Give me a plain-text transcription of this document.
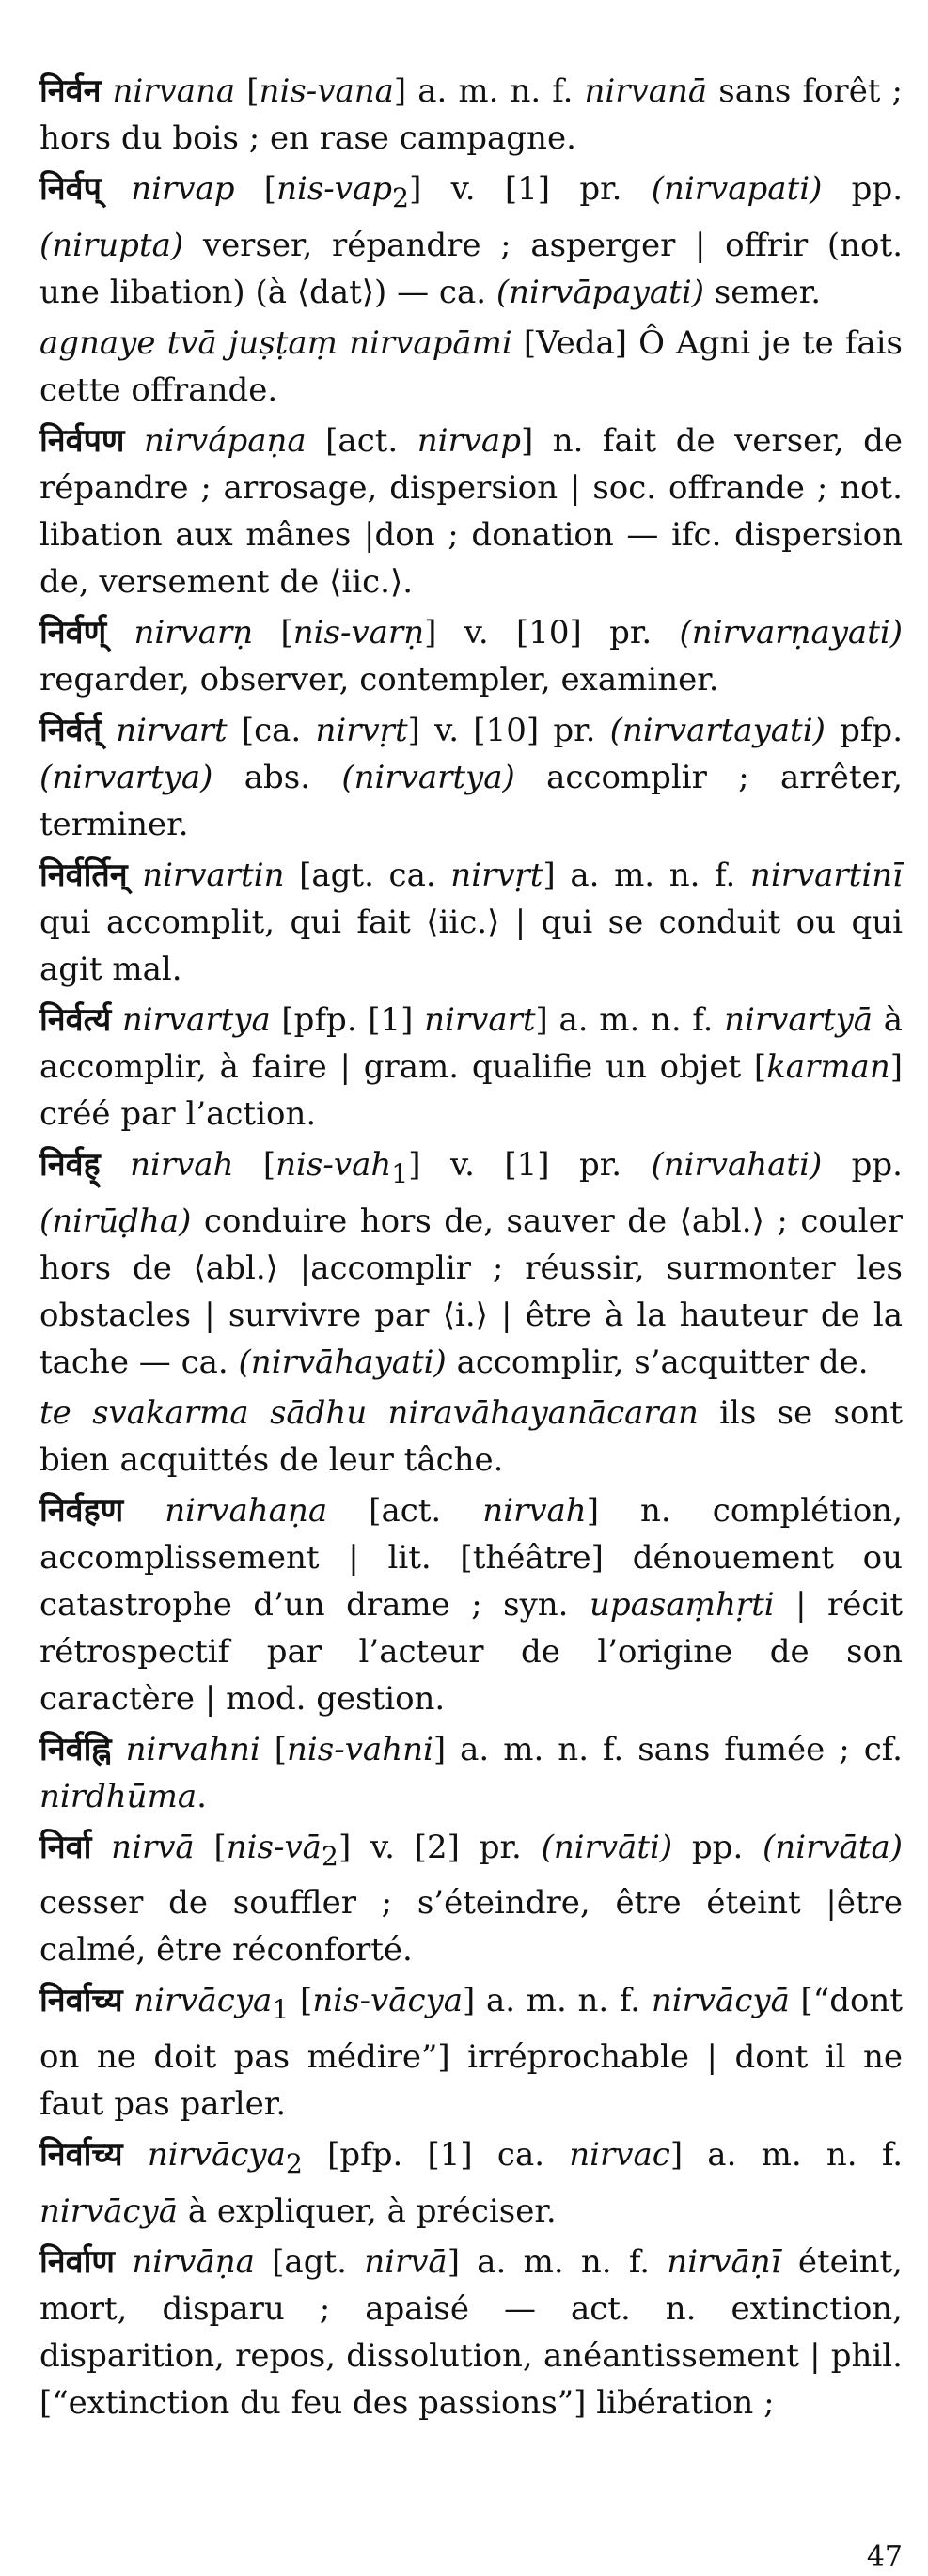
निर्वन nirvana [nis-vana] a. m. n. f. nirvanā sans forêt ; hors du bois ; en rase campagne.

निर्वप् nirvap [nis-vap$_2$] v. [1] pr. (nirvapati) pp. (nirupta) verser, répandre ; asperger | offrir (not. une libation) (à ⟨dat⟩) — ca. (nirvāpayati) semer.

agnaye tvā juṣṭaṃ nirvapāmi [Veda] Ô Agni je te fais cette offrande.

निर्वपण nirvápaṇa [act. nirvap] n. fait de verser, de répandre ; arrosage, dispersion | soc. offrande ; not. libation aux mânes |don ; donation — ifc. dispersion de, versement de ⟨iic.⟩.

निर्वर्ण् nirvarṇ [nis-varṇ] v. [10] pr. (nirvarṇayati) regarder, observer, contempler, examiner.

निर्वर्त् nirvart [ca. nirvṛt] v. [10] pr. (nirvartayati) pfp. (nirvartya) abs. (nirvartya) accomplir ; arrêter, terminer.

निर्वर्तिन् nirvartin [agt. ca. nirvṛt] a. m. n. f. nirvartinī qui accomplit, qui fait ⟨iic.⟩ | qui se conduit ou qui agit mal.

निर्वर्त्य nirvartya [pfp. [1] nirvart] a. m. n. f. nirvartyā à accomplir, à faire | gram. qualifie un objet [karman] créé par l’action.

निर्वह् nirvah [nis-vah$_1$] v. [1] pr. (nirvahati) pp. (nirūḍha) conduire hors de, sauver de ⟨abl.⟩ ; couler hors de ⟨abl.⟩ |accomplir ; réussir, surmonter les obstacles | survivre par ⟨i.⟩ | être à la hauteur de la tache — ca. (nirvāhayati) accomplir, s’acquitter de.

te svakarma sādhu niravāhayanācaran ils se sont bien acquittés de leur tâche.

निर्वहण nirvahaṇa [act. nirvah] n. complétion, accomplissement | lit. [théâtre] dénouement ou catastrophe d’un drame ; syn. upasaṃhṛti | récit rétrospectif par l’acteur de l’origine de son caractère | mod. gestion.

निर्वह्नि nirvahni [nis-vahni] a. m. n. f. sans fumée ; cf. nirdhūma.

निर्वा nirvā $[nis-vā_2]$ v. [2] pr. (nirvāti) pp. (nirvāta) cesser de souffler ; s’éteindre, être éteint |être calmé, être réconforté.

निर्वाच्य nirvācya$_1$ [nis-vācya] a. m. n. f. nirvācyā [“dont on ne doit pas médire”] irréprochable | dont il ne faut pas parler.

निर्वाच्य nirvācya$_2$ [pfp. [1] ca. nirvac] a. m. n. f. nirvācyā à expliquer, à préciser.

निर्वाण nirvāṇa [agt. nirvā] a. m. n. f. nirvāṇī éteint, mort, disparu ; apaisé — act. n. extinction, disparition, repos, dissolution, anéantissement | phil. [“extinction du feu des passions”] libération ;

47
